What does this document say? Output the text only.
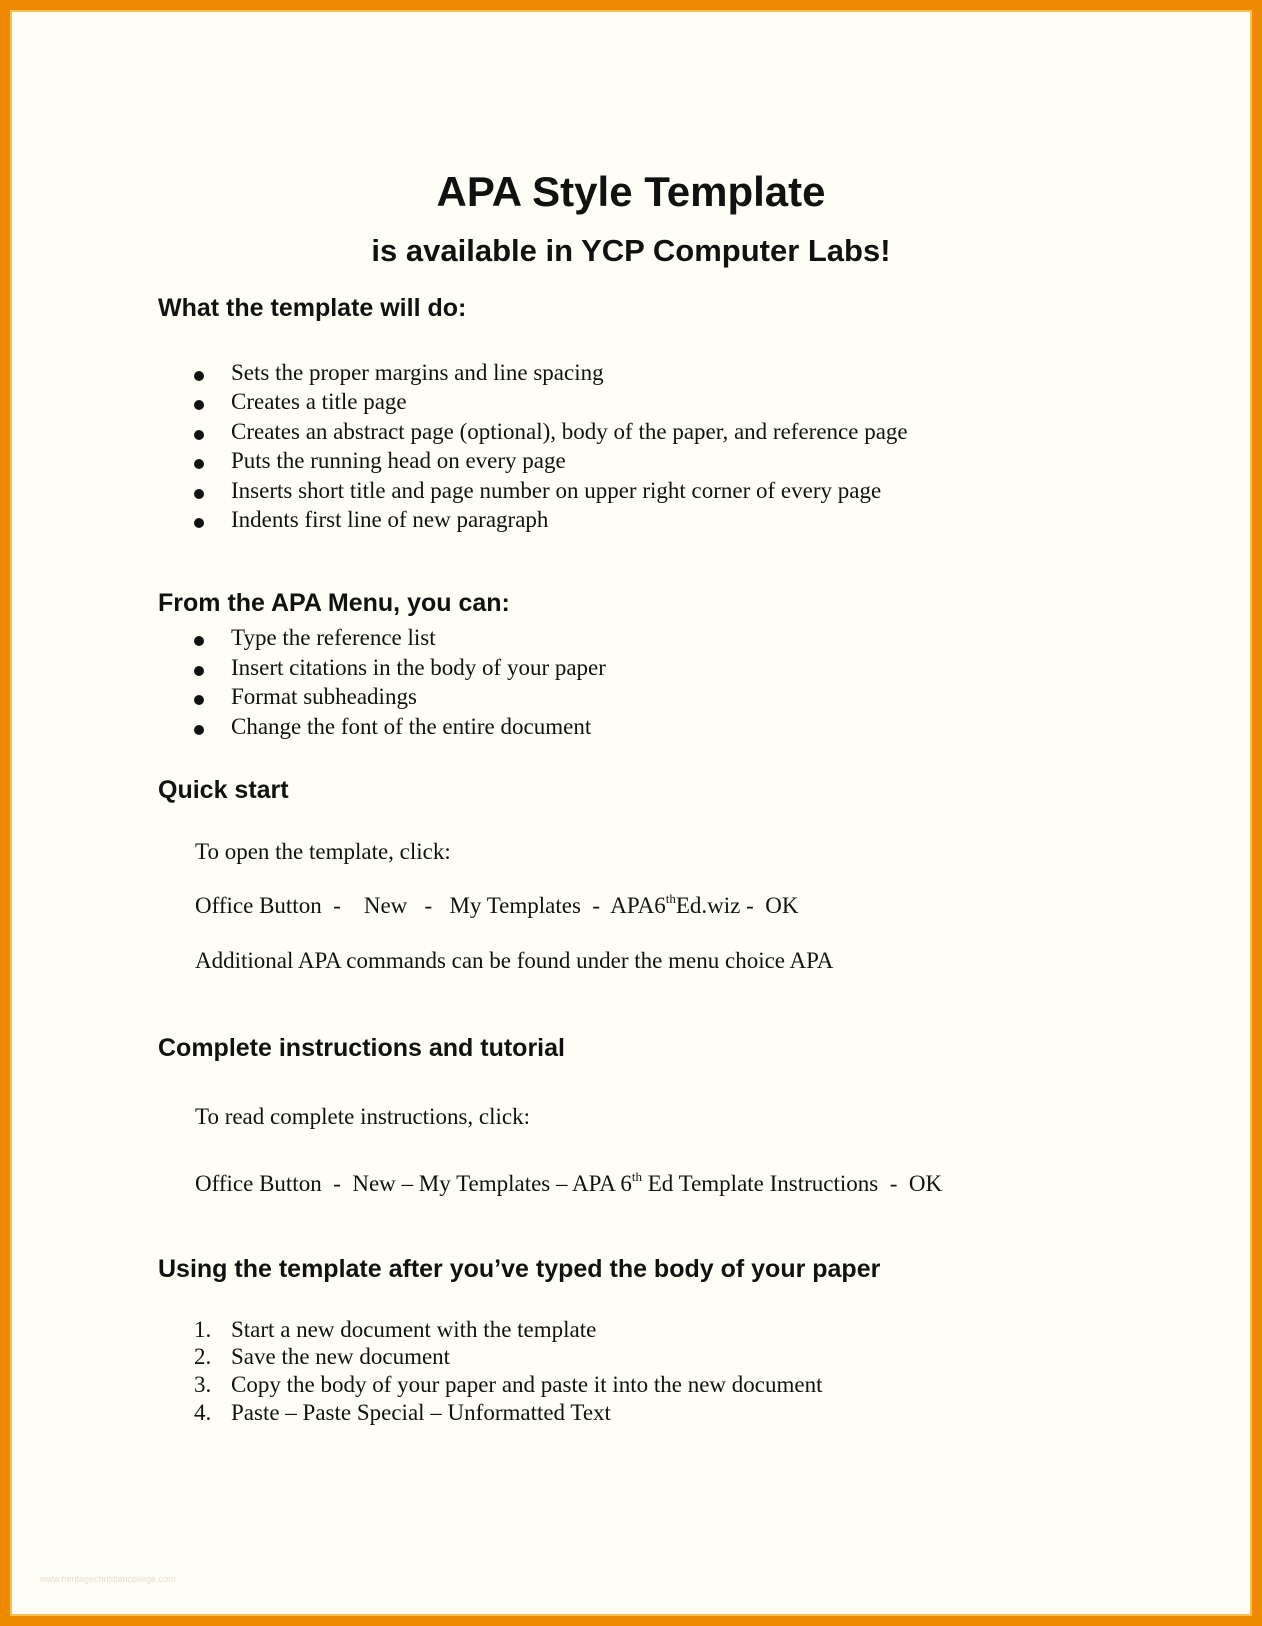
APA Style Template
is available in YCP Computer Labs!
What the template will do:
Sets the proper margins and line spacing
Creates a title page
Creates an abstract page (optional), body of the paper, and reference page
Puts the running head on every page
Inserts short title and page number on upper right corner of every page
Indents first line of new paragraph
From the APA Menu, you can:
Type the reference list
Insert citations in the body of your paper
Format subheadings
Change the font of the entire document
Quick start

To open the template, click:

Office Button  -    New   -   My Templates  -  APA6thEd.wiz -  OK

Additional APA commands can be found under the menu choice APA

Complete instructions and tutorial

To read complete instructions, click:

Office Button  -  New – My Templates – APA 6th Ed Template Instructions  -  OK

Using the template after you’ve typed the body of your paper
1. Start a new document with the template
2. Save the new document
3. Copy the body of your paper and paste it into the new document
4. Paste – Paste Special – Unformatted Text
www.heritagechristiancollege.com
